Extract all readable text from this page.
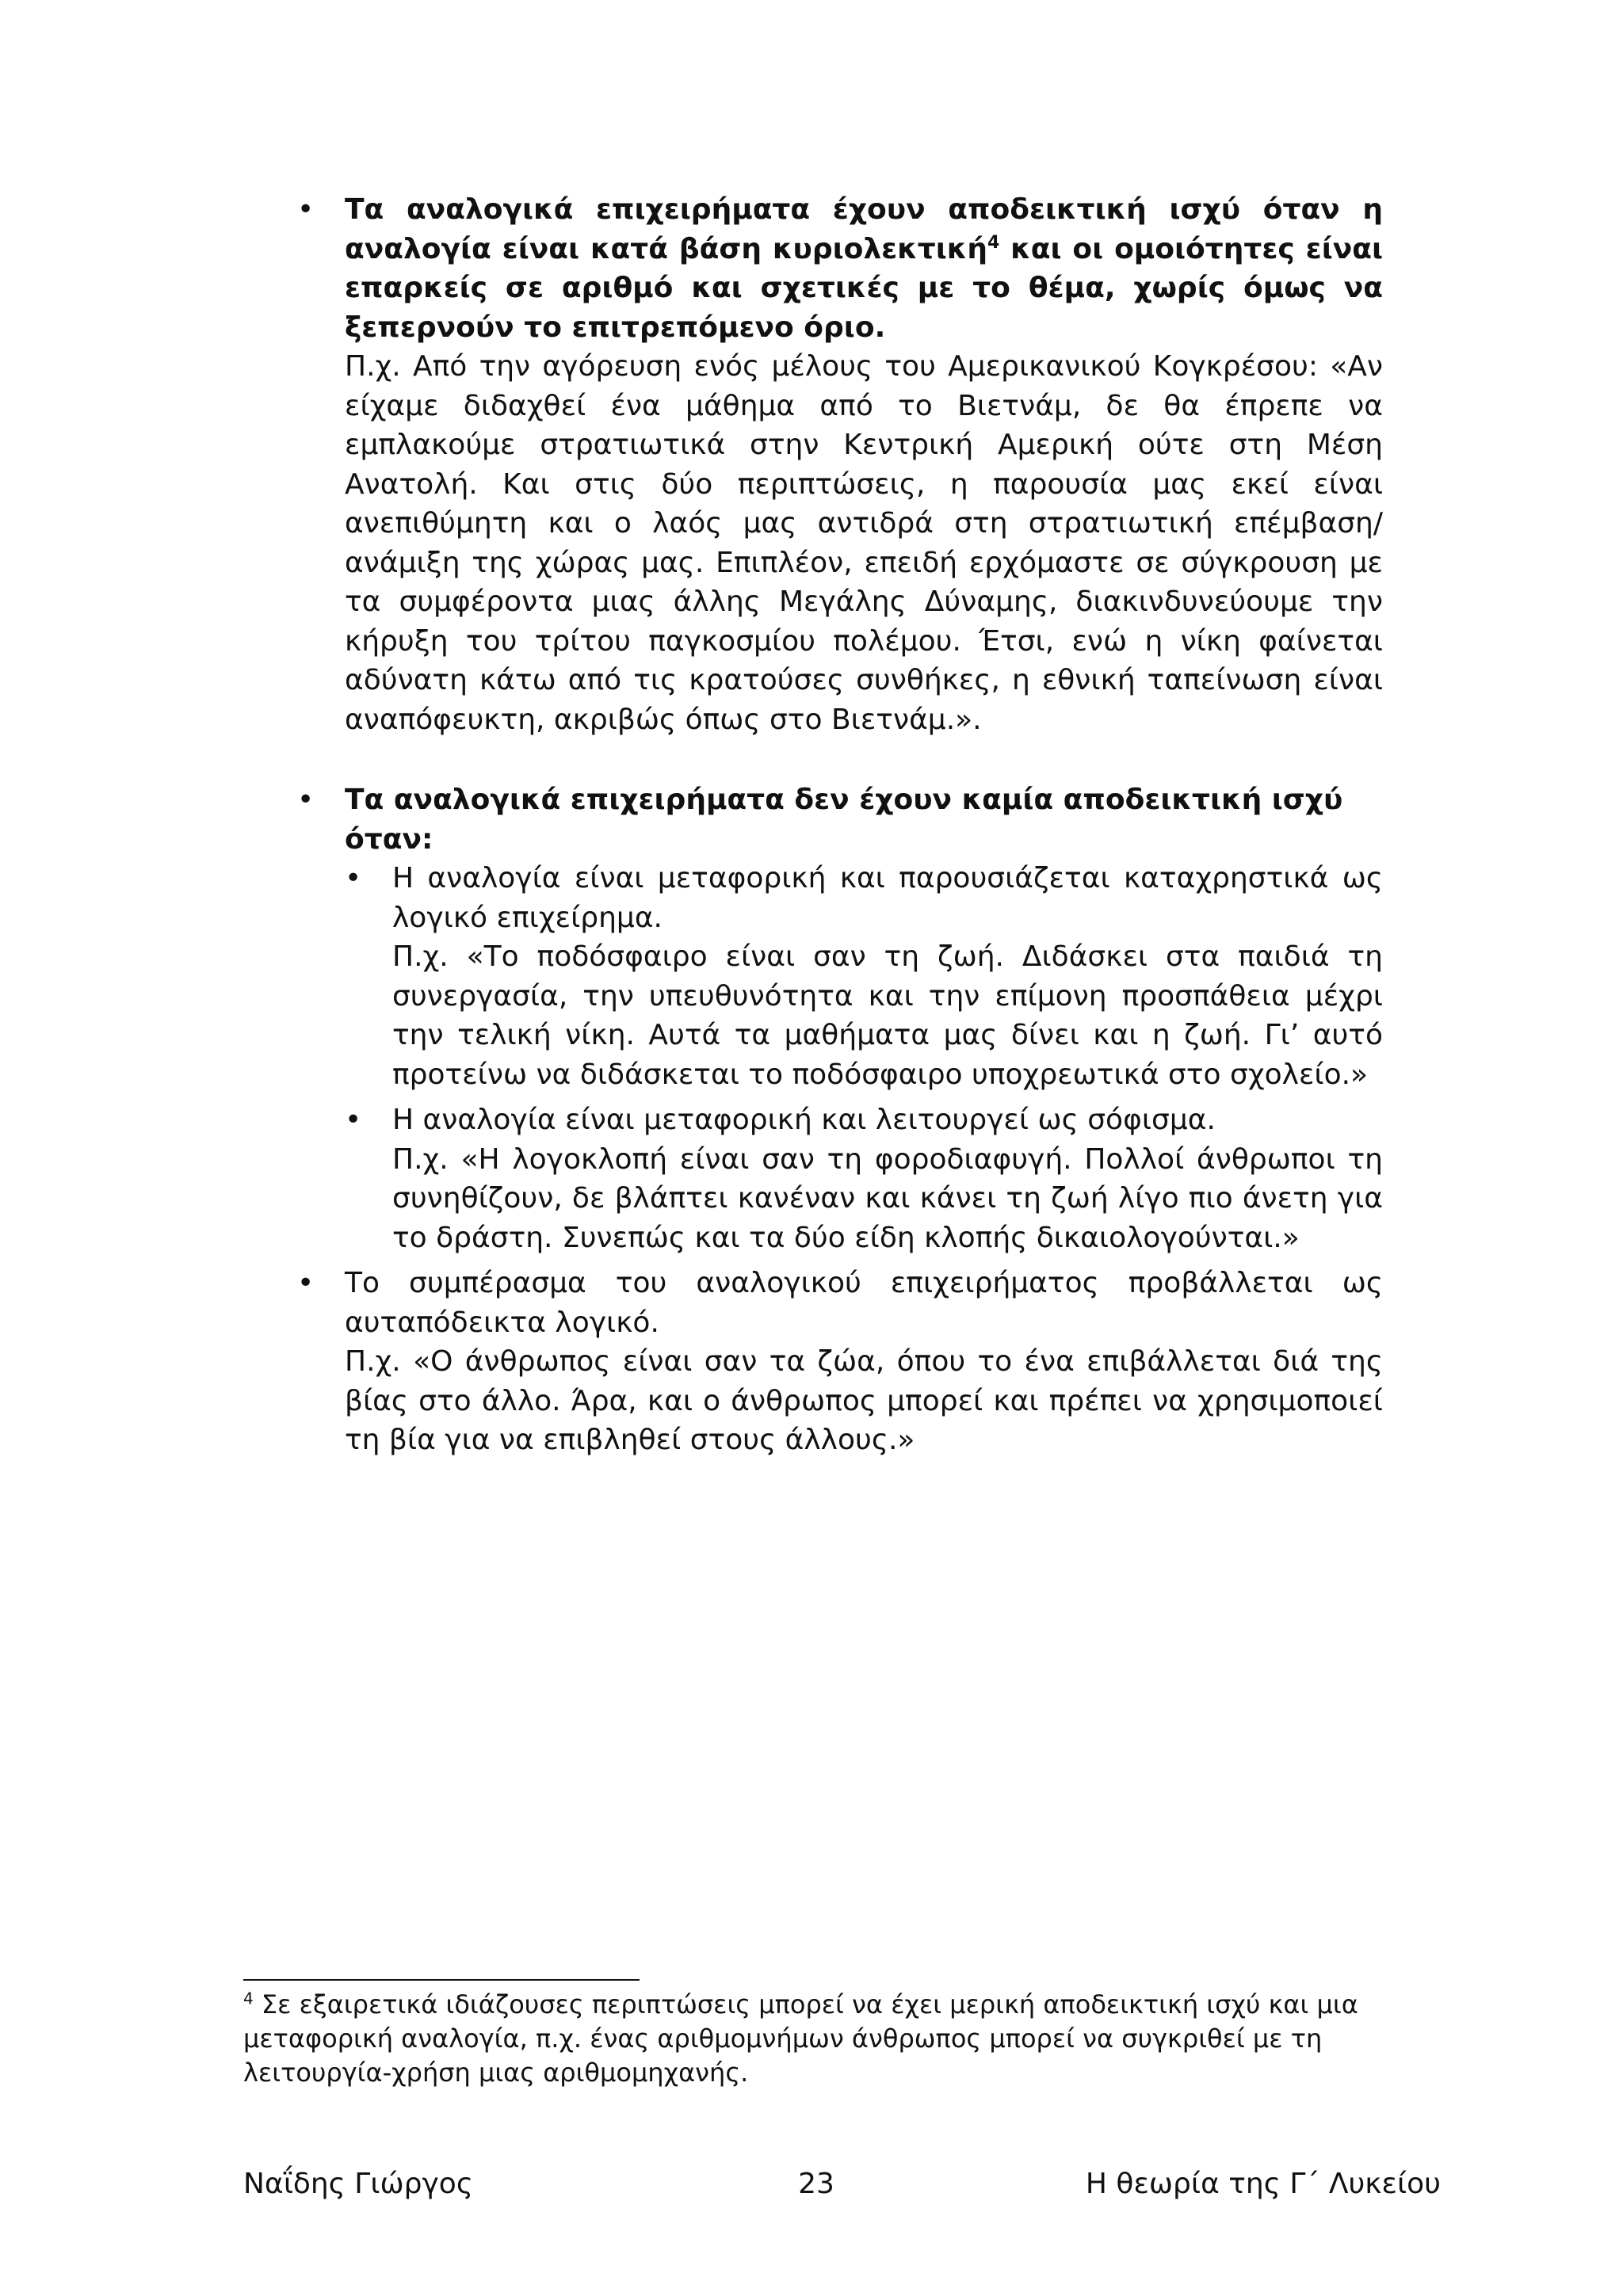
•	Τα αναλογικά επιχειρήματα έχουν αποδεικτική ισχύ όταν η αναλογία είναι κατά βάση κυριολεκτική$^4$ και οι ομοιότητες είναι επαρκείς σε αριθμό και σχετικές με το θέμα, χωρίς όμως να ξεπερνούν το επιτρεπόμενο όριο.
Π.χ. Από την αγόρευση ενός μέλους του Αμερικανικού Κογκρέσου: «Αν είχαμε διδαχθεί ένα μάθημα από το Βιετνάμ, δε θα έπρεπε να εμπλακούμε στρατιωτικά στην Κεντρική Αμερική ούτε στη Μέση Ανατολή. Και στις δύο περιπτώσεις, η παρουσία μας εκεί είναι ανεπιθύμητη και ο λαός μας αντιδρά στη στρατιωτική επέμβαση/ανάμιξη της χώρας μας. Επιπλέον, επειδή ερχόμαστε σε σύγκρουση με τα συμφέροντα μιας άλλης Μεγάλης Δύναμης, διακινδυνεύουμε την κήρυξη του τρίτου παγκοσμίου πολέμου. Έτσι, ενώ η νίκη φαίνεται αδύνατη κάτω από τις κρατούσες συνθήκες, η εθνική ταπείνωση είναι αναπόφευκτη, ακριβώς όπως στο Βιετνάμ.».
•	Τα αναλογικά επιχειρήματα δεν έχουν καμία αποδεικτική ισχύ όταν:
•	Η αναλογία είναι μεταφορική και παρουσιάζεται καταχρηστικά ως λογικό επιχείρημα.
Π.χ. «Το ποδόσφαιρο είναι σαν τη ζωή. Διδάσκει στα παιδιά τη συνεργασία, την υπευθυνότητα και την επίμονη προσπάθεια μέχρι την τελική νίκη. Αυτά τα μαθήματα μας δίνει και η ζωή. Γι’ αυτό προτείνω να διδάσκεται το ποδόσφαιρο υποχρεωτικά στο σχολείο.»
•	Η αναλογία είναι μεταφορική και λειτουργεί ως σόφισμα.
Π.χ. «Η λογοκλοπή είναι σαν τη φοροδιαφυγή. Πολλοί άνθρωποι τη συνηθίζουν, δε βλάπτει κανέναν και κάνει τη ζωή λίγο πιο άνετη για το δράστη. Συνεπώς και τα δύο είδη κλοπής δικαιολογούνται.»
•	Το συμπέρασμα του αναλογικού επιχειρήματος προβάλλεται ως αυταπόδεικτα λογικό.
Π.χ. «Ο άνθρωπος είναι σαν τα ζώα, όπου το ένα επιβάλλεται διά της βίας στο άλλο. Άρα, και ο άνθρωπος μπορεί και πρέπει να χρησιμοποιεί τη βία για να επιβληθεί στους άλλους.»
$^4$ Σε εξαιρετικά ιδιάζουσες περιπτώσεις μπορεί να έχει μερική αποδεικτική ισχύ και μια μεταφορική αναλογία, π.χ. ένας αριθμομνήμων άνθρωπος μπορεί να συγκριθεί με τη λειτουργία-χρήση μιας αριθμομηχανής.
Ναΐδης Γιώργος	23	Η θεωρία της Γ΄ Λυκείου
